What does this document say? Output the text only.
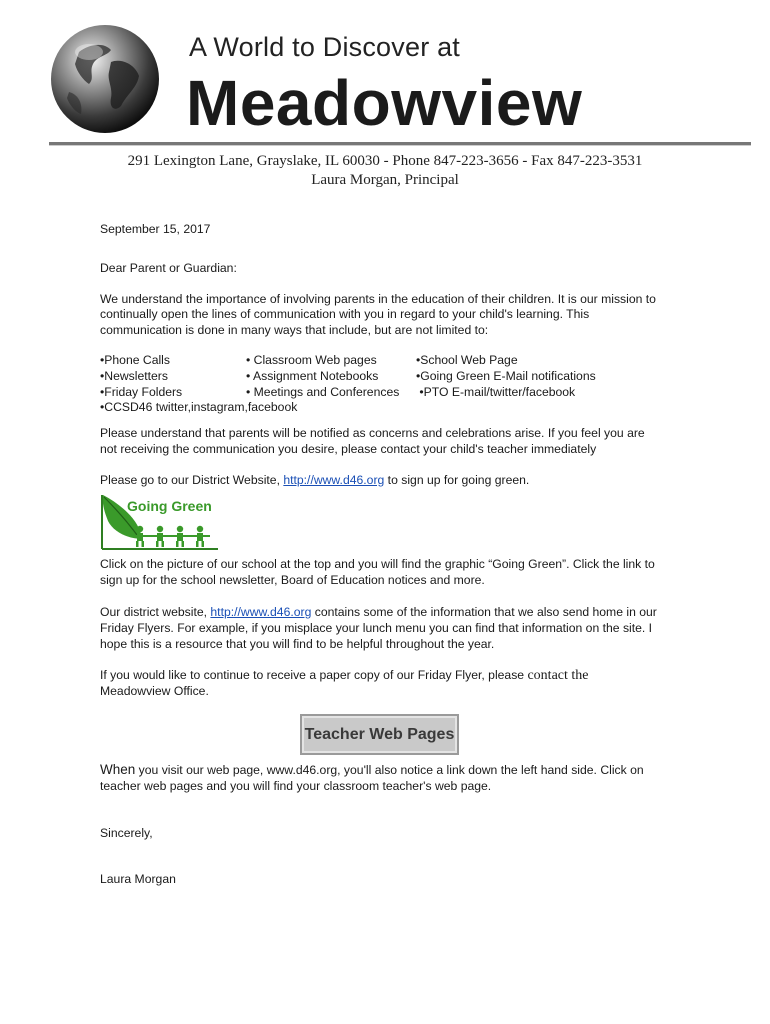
A World to Discover at
Meadowview
291 Lexington Lane, Grayslake, IL 60030 - Phone 847-223-3656 - Fax 847-223-3531
Laura Morgan, Principal

September 15, 2017

Dear Parent or Guardian:

We understand the importance of involving parents in the education of their children. It is our mission to continually open the lines of communication with you in regard to your child's learning. This communication is done in many ways that include, but are not limited to:

•Phone Calls
•Newsletters
•Friday Folders
•CCSD46 twitter,instagram,facebook
• Classroom Web pages
• Assignment Notebooks
• Meetings and Conferences
•School Web Page
•Going Green E-Mail notifications
•PTO E-mail/twitter/facebook

Please understand that parents will be notified as concerns and celebrations arise. If you feel you are not receiving the communication you desire, please contact your child's teacher immediately

Please go to our District Website, http://www.d46.org to sign up for going green.

Going Green

Click on the picture of our school at the top and you will find the graphic “Going Green”. Click the link to sign up for the school newsletter, Board of Education notices and more.

Our district website, http://www.d46.org contains some of the information that we also send home in our Friday Flyers. For example, if you misplace your lunch menu you can find that information on the site. I hope this is a resource that you will find to be helpful throughout the year.

If you would like to continue to receive a paper copy of our Friday Flyer, please contact the
Meadowview Office.

Teacher Web Pages

When you visit our web page, www.d46.org, you'll also notice a link down the left hand side. Click on teacher web pages and you will find your classroom teacher's web page.

Sincerely,

Laura Morgan
